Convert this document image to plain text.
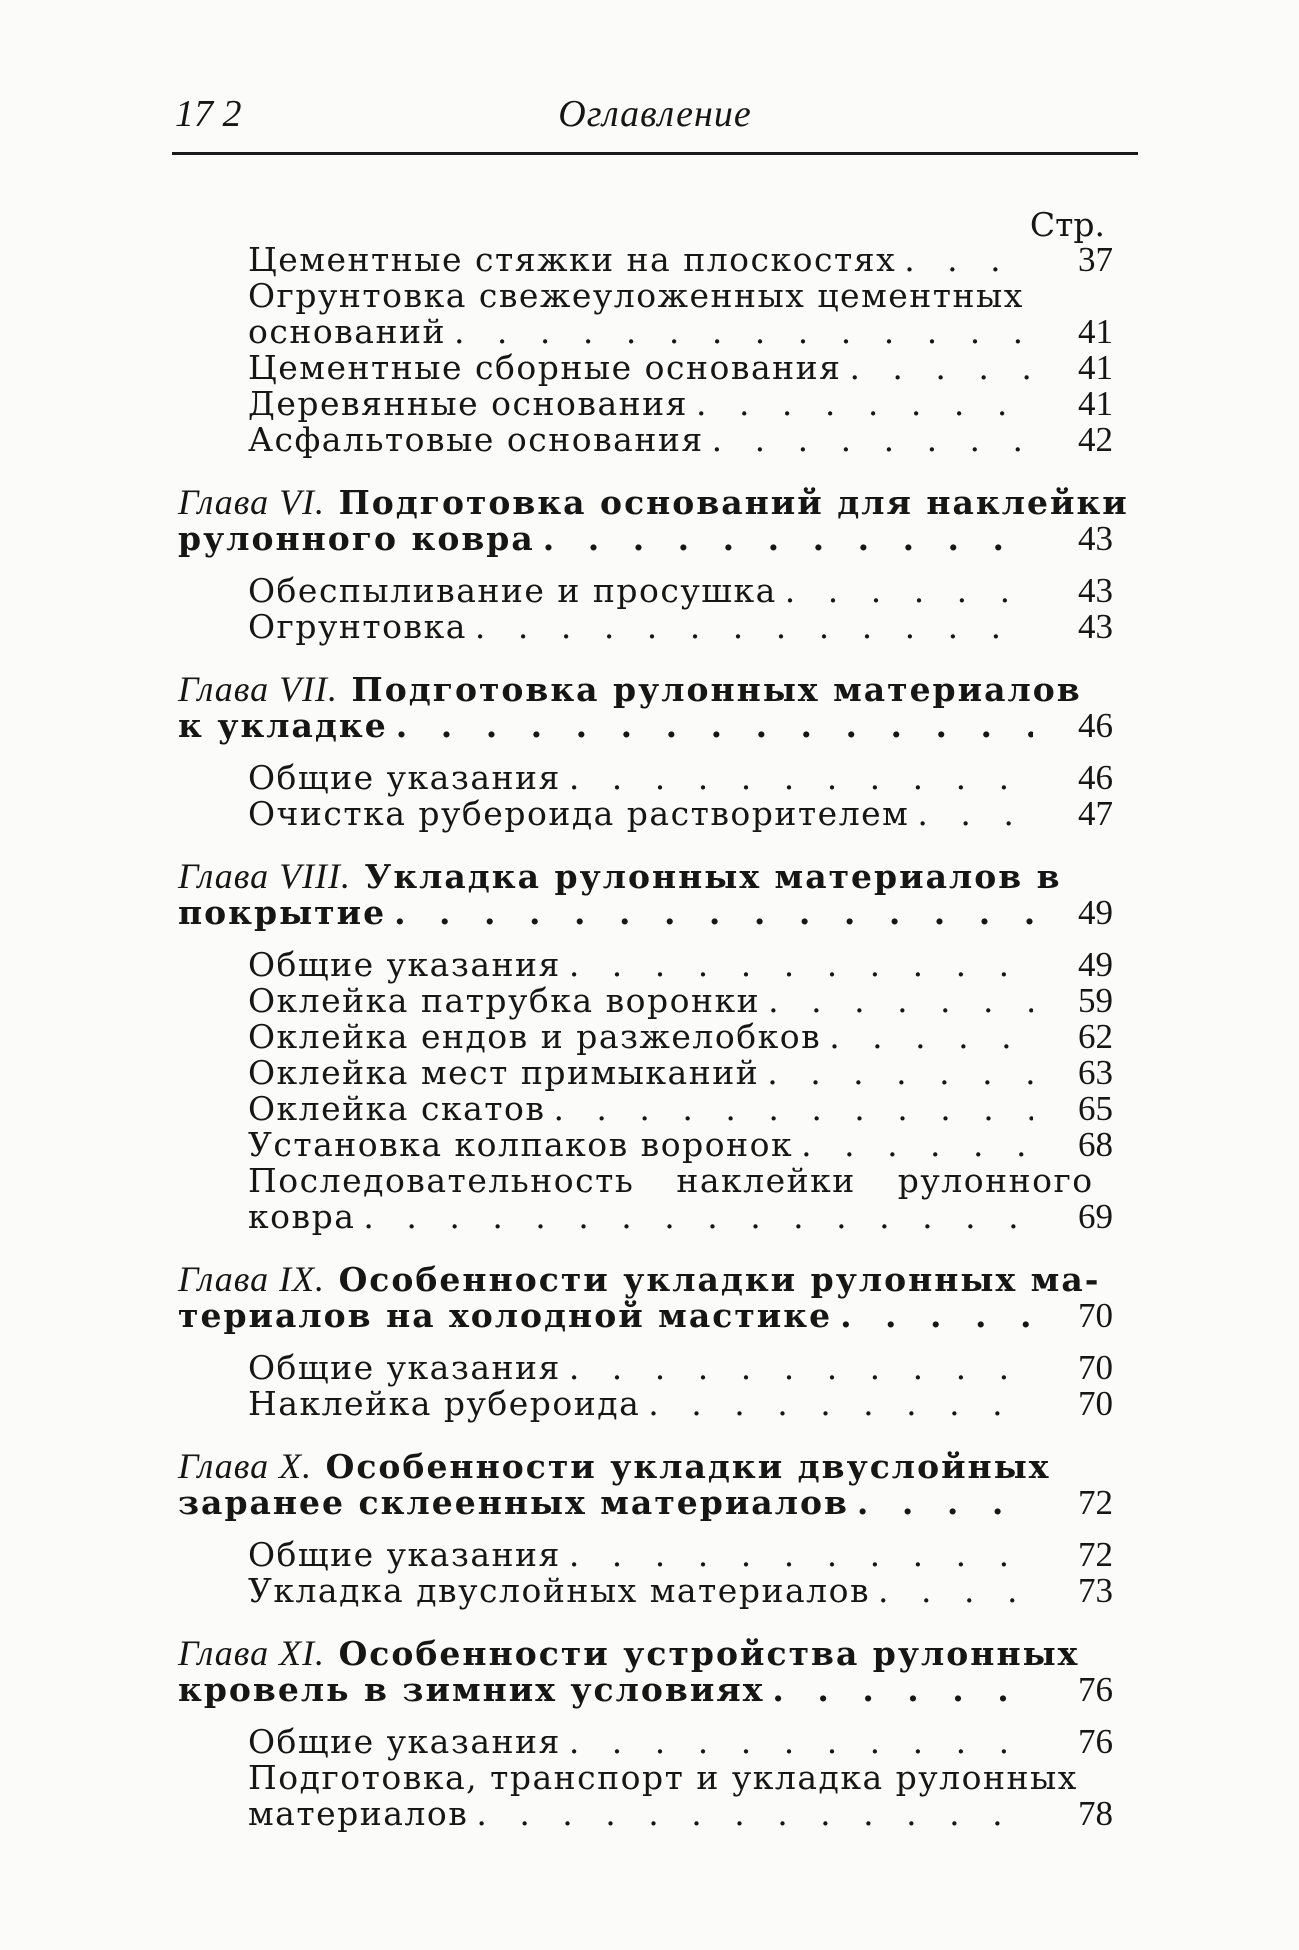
17 2	Оглавление
Стр.
Цементные стяжки на плоскостях . . .	37
Огрунтовка свежеуложенных цементных
оснований . . .	41
Цементные сборные основания . . .	41
Деревянные основания . . .	41
Асфальтовые основания . . .	42
Глава VI. Подготовка оснований для наклейки
рулонного ковра . . .	43
Обеспыливание и просушка . . .	43
Огрунтовка . . .	43
Глава VII. Подготовка рулонных материалов
к укладке . . .	46
Общие указания . . .	46
Очистка рубероида растворителем . . .	47
Глава VIII. Укладка рулонных материалов в
покрытие . . .	49
Общие указания . . .	49
Оклейка патрубка воронки . . .	59
Оклейка ендов и разжелобков . . .	62
Оклейка мест примыканий . . .	63
Оклейка скатов . . .	65
Установка колпаков воронок . . .	68
Последовательность наклейки рулонного
ковра . . .	69
Глава IX. Особенности укладки рулонных ма-
териалов на холодной мастике . . .	70
Общие указания . . .	70
Наклейка рубероида . . .	70
Глава X. Особенности укладки двуслойных
заранее склеенных материалов . . .	72
Общие указания . . .	72
Укладка двуслойных материалов . . .	73
Глава XI. Особенности устройства рулонных
кровель в зимних условиях . . .	76
Общие указания . . .	76
Подготовка, транспорт и укладка рулонных
материалов . . .	78
